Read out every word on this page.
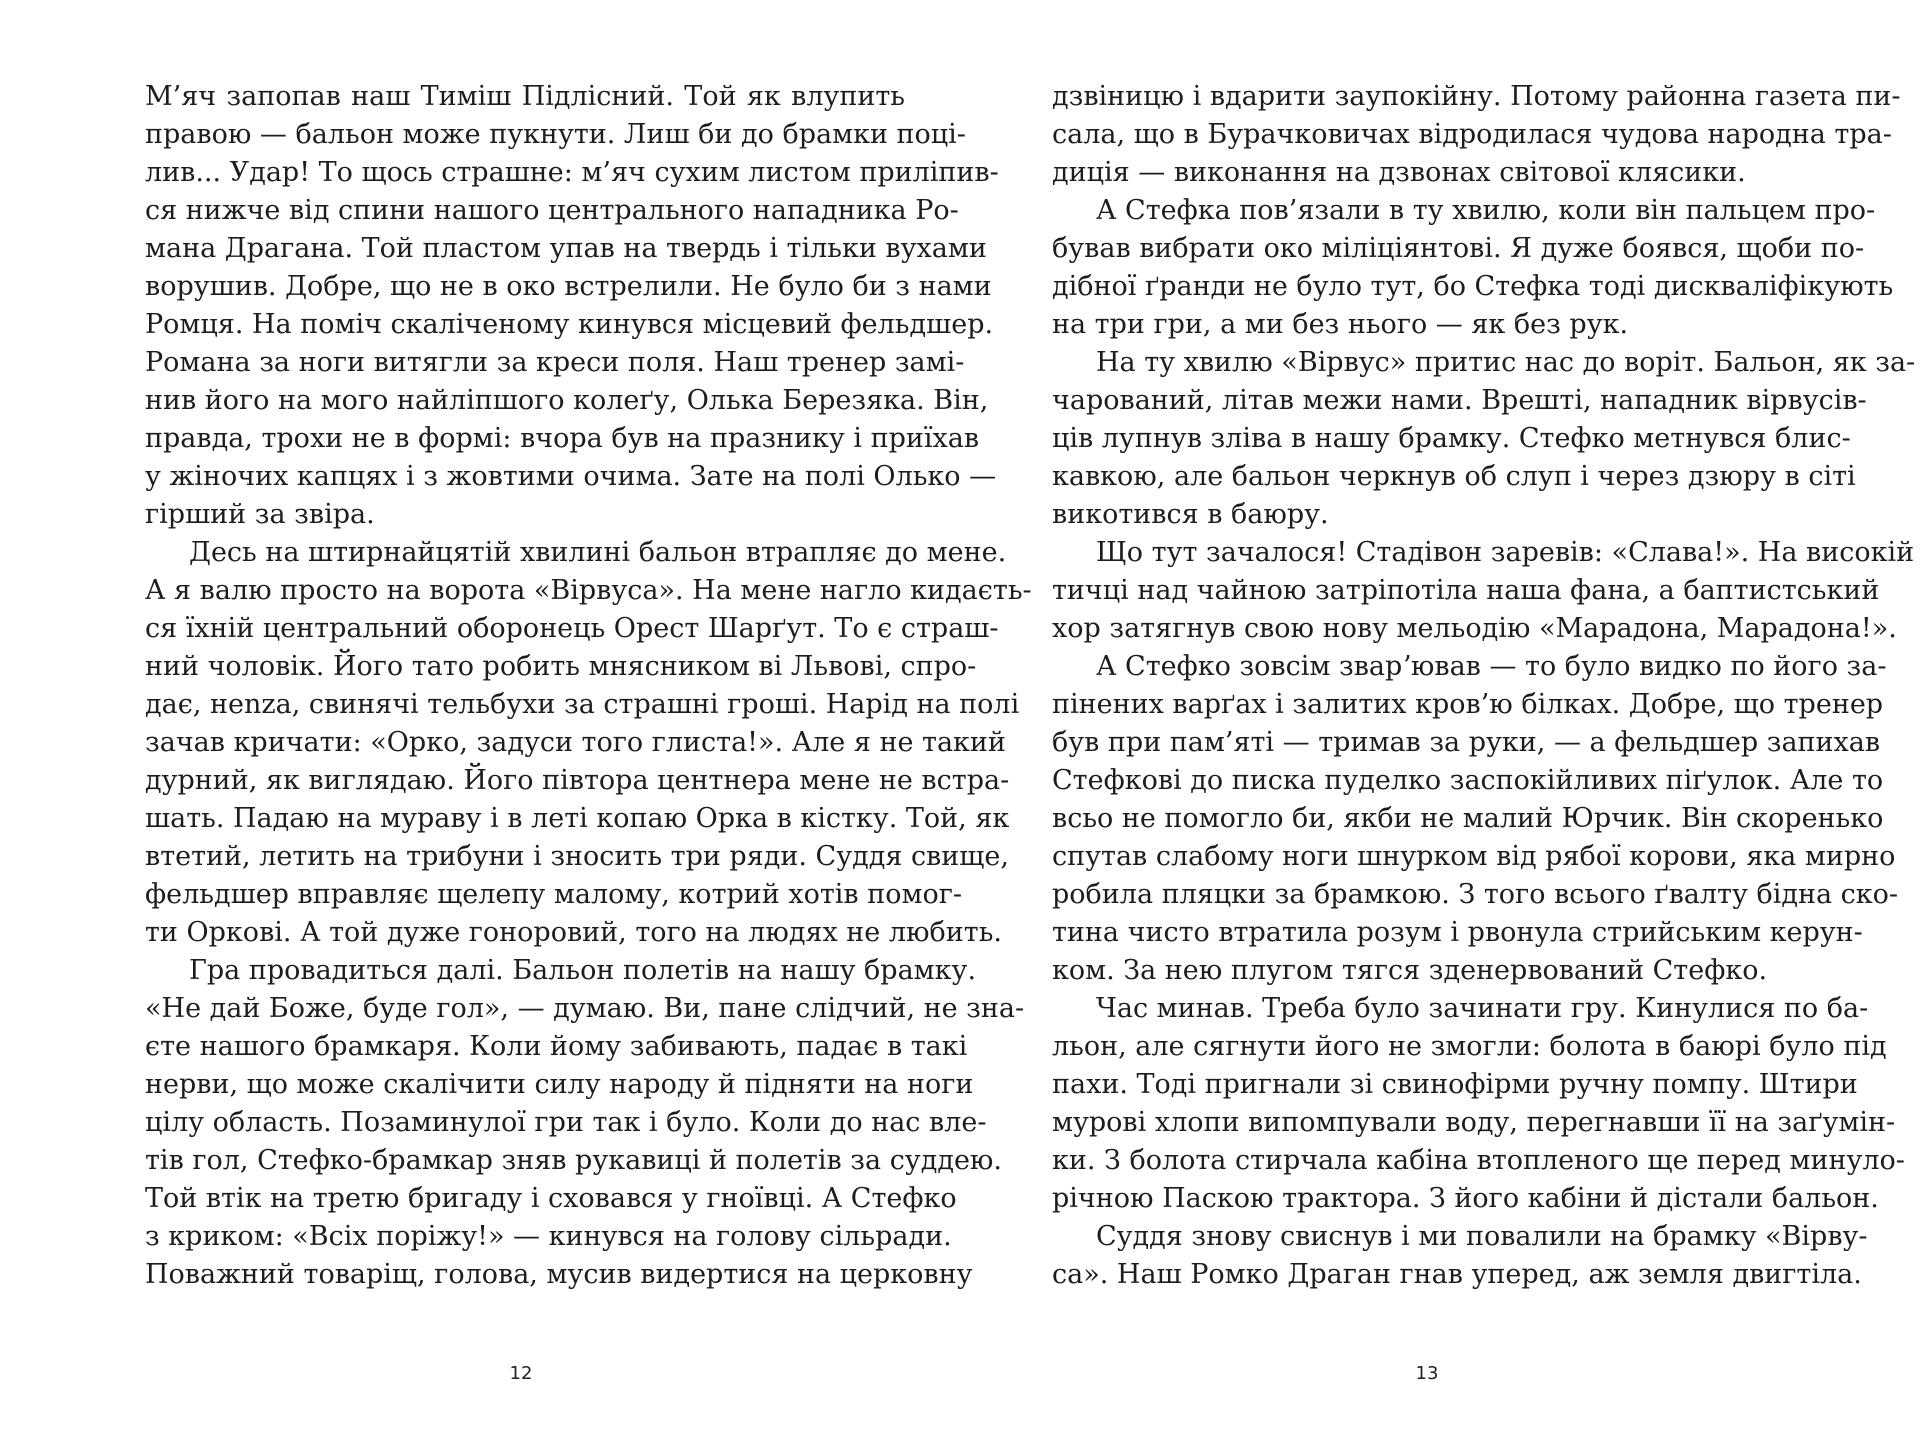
М’яч запопав наш Тиміш Підлісний. Той як влупить
правою — бальон може пукнути. Лиш би до брамки поці-
лив... Удар! То щось страшне: м’яч сухим листом приліпив-
ся нижче від спини нашого центрального нападника Ро-
мана Драгана. Той пластом упав на твердь і тільки вухами
ворушив. Добре, що не в око встрелили. Не було би з нами
Ромця. На поміч скаліченому кинувся місцевий фельдшер.
Романа за ноги витягли за креси поля. Наш тренер замі-
нив його на мого найліпшого колеґу, Олька Березяка. Він,
правда, трохи не в формі: вчора був на празнику і приїхав
у жіночих капцях і з жовтими очима. Зате на полі Олько —
гірший за звіра.
Десь на штирнайцятій хвилині бальон втрапляє до мене.
А я валю просто на ворота «Вірвуса». На мене нагло кидаєть-
ся їхній центральний оборонець Орест Шарґут. То є страш-
ний чоловік. Його тато робить мнясником ві Львові, спро-
дає, нenza, свинячі тельбухи за страшні гроші. Нарід на полі
зачав кричати: «Орко, задуси того глиста!». Але я не такий
дурний, як виглядаю. Його півтора центнера мене не встра-
шать. Падаю на мураву і в леті копаю Орка в кістку. Той, як
втетий, летить на трибуни і зносить три ряди. Суддя свище,
фельдшер вправляє щелепу малому, котрий хотів помог-
ти Оркові. А той дуже гоноровий, того на людях не любить.
Гра провадиться далі. Бальон полетів на нашу брамку.
«Не дай Боже, буде гол», — думаю. Ви, пане слідчий, не зна-
єте нашого брамкаря. Коли йому забивають, падає в такі
нерви, що може скалічити силу народу й підняти на ноги
цілу область. Позаминулої гри так і було. Коли до нас вле-
тів гол, Стефко-брамкар зняв рукавиці й полетів за суддею.
Той втік на третю бригаду і сховався у гноївці. А Стефко
з криком: «Всіх поріжу!» — кинувся на голову сільради.
Поважний товаріщ, голова, мусив видертися на церковну
дзвіницю і вдарити заупокійну. Потому районна газета пи-
сала, що в Бурачковичах відродилася чудова народна тра-
диція — виконання на дзвонах світової клясики.
А Стефка пов’язали в ту хвилю, коли він пальцем про-
бував вибрати око міліціянтові. Я дуже боявся, щоби по-
дібної ґранди не було тут, бо Стефка тоді дискваліфікують
на три гри, а ми без нього — як без рук.
На ту хвилю «Вірвус» притис нас до воріт. Бальон, як за-
чарований, літав межи нами. Врешті, нападник вірвусів-
ців лупнув зліва в нашу брамку. Стефко метнувся блис-
кавкою, але бальон черкнув об слуп і через дзюру в сіті
викотився в баюру.
Що тут зачалося! Стадівон заревів: «Слава!». На високій
тичці над чайною затріпотіла наша фана, а баптистський
хор затягнув свою нову мельодію «Марадона, Марадона!».
А Стефко зовсім зварʼював — то було видко по його за-
пінених варґах і залитих кров’ю білках. Добре, що тренер
був при пам’яті — тримав за руки, — а фельдшер запихав
Стефкові до писка пуделко заспокійливих піґулок. Але то
всьо не помогло би, якби не малий Юрчик. Він скоренько
спутав слабому ноги шнурком від рябої корови, яка мирно
робила пляцки за брамкою. З того всього ґвалту бідна ско-
тина чисто втратила розум і рвонула стрийським керун-
ком. За нею плугом тягся зденервований Стефко.
Час минав. Треба було зачинати гру. Кинулися по ба-
льон, але сягнути його не змогли: болота в баюрі було під
пахи. Тоді пригнали зі свинофірми ручну помпу. Штири
мурові хлопи випомпували воду, перегнавши її на заґумін-
ки. З болота стирчала кабіна втопленого ще перед минуло-
річною Паскою трактора. З його кабіни й дістали бальон.
Суддя знову свиснув і ми повалили на брамку «Вірву-
са». Наш Ромко Драган гнав уперед, аж земля двигтіла.
12	13
